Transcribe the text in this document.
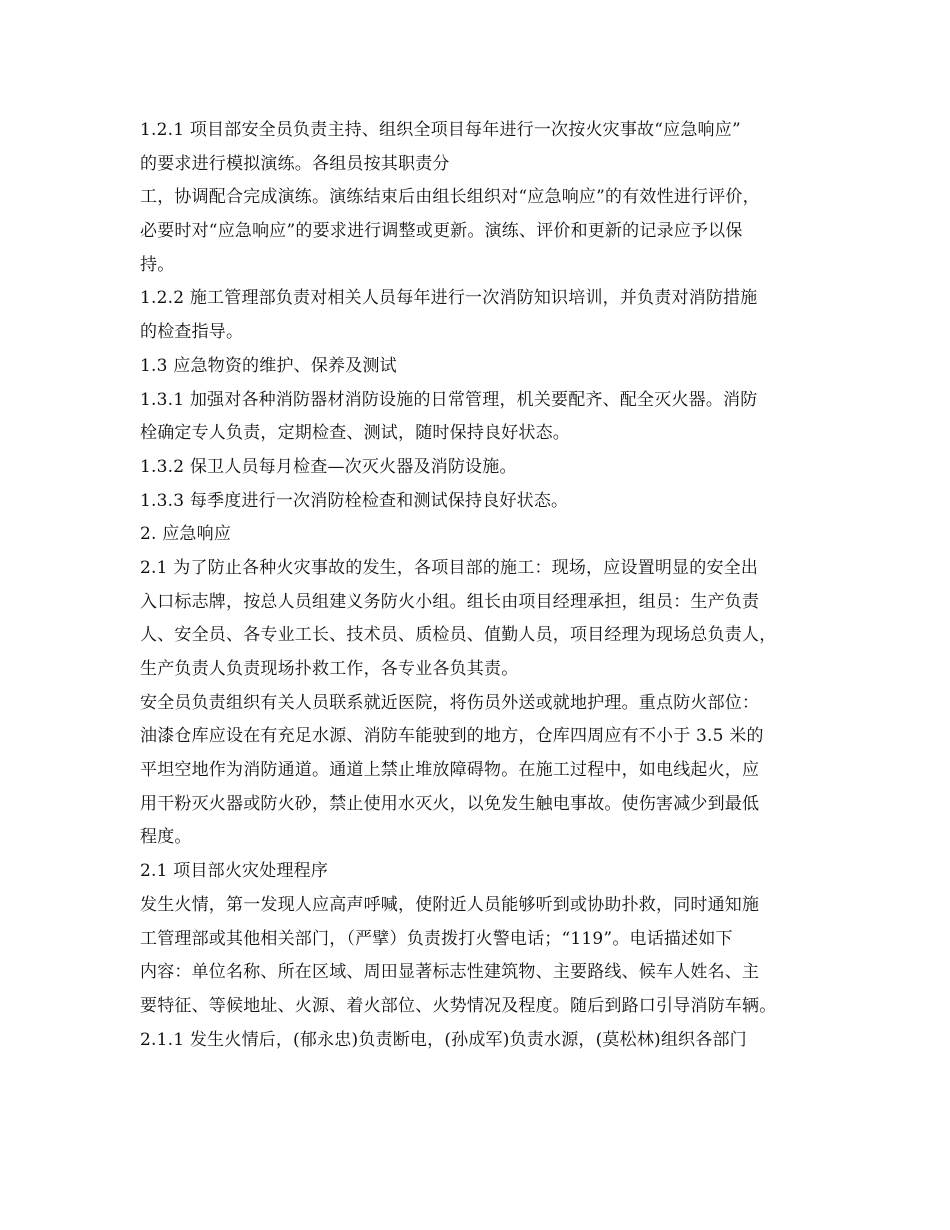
1.2.1 项目部安全员负责主持、组织全项目每年进行一次按火灾事故“应急响应”
的要求进行模拟演练。各组员按其职责分
工，协调配合完成演练。演练结束后由组长组织对“应急响应”的有效性进行评价，
必要时对“应急响应”的要求进行调整或更新。演练、评价和更新的记录应予以保
持。
1.2.2 施工管理部负责对相关人员每年进行一次消防知识培训，并负责对消防措施
的检查指导。
1.3 应急物资的维护、保养及测试
1.3.1 加强对各种消防器材消防设施的日常管理，机关要配齐、配全灭火器。消防
栓确定专人负责，定期检查、测试，随时保持良好状态。
1.3.2 保卫人员每月检查—次灭火器及消防设施。
1.3.3 每季度进行一次消防栓检查和测试保持良好状态。
2. 应急响应
2.1 为了防止各种火灾事故的发生，各项目部的施工：现场，应设置明显的安全出
入口标志牌，按总人员组建义务防火小组。组长由项目经理承担，组员：生产负责
人、安全员、各专业工长、技术员、质检员、值勤人员，项目经理为现场总负责人，
生产负责人负责现场扑救工作，各专业各负其责。
安全员负责组织有关人员联系就近医院，将伤员外送或就地护理。重点防火部位：
油漆仓库应设在有充足水源、消防车能驶到的地方，仓库四周应有不小于 3.5 米的
平坦空地作为消防通道。通道上禁止堆放障碍物。在施工过程中，如电线起火，应
用干粉灭火器或防火砂，禁止使用水灭火，以免发生触电事故。使伤害减少到最低
程度。
2.1 项目部火灾处理程序
发生火情，第一发现人应高声呼喊，使附近人员能够听到或协助扑救，同时通知施
工管理部或其他相关部门，（严擘）负责拨打火警电话；“119”。电话描述如下
内容：单位名称、所在区域、周田显著标志性建筑物、主要路线、候车人姓名、主
要特征、等候地址、火源、着火部位、火势情况及程度。随后到路口引导消防车辆。
2.1.1 发生火情后，(郁永忠)负责断电，(孙成军)负责水源，(莫松林)组织各部门
